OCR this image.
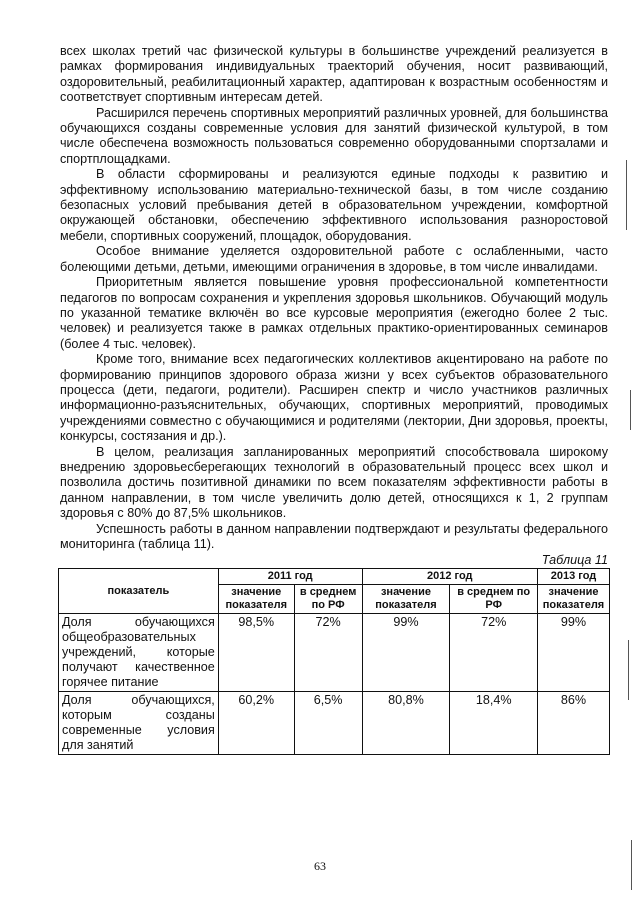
всех школах третий час физической культуры в большинстве учреждений реализуется в рамках формирования индивидуальных траекторий обучения, носит развивающий, оздоровительный, реабилитационный характер, адаптирован к возрастным особенностям и соответствует спортивным интересам детей.

Расширился перечень спортивных мероприятий различных уровней, для большинства обучающихся созданы современные условия для занятий физической культурой, в том числе обеспечена возможность пользоваться современно оборудованными спортзалами и спортплощадками.

В области сформированы и реализуются единые подходы к развитию и эффективному использованию материально-технической базы, в том числе созданию безопасных условий пребывания детей в образовательном учреждении, комфортной окружающей обстановки, обеспечению эффективного использования разноростовой мебели, спортивных сооружений, площадок, оборудования.

Особое внимание уделяется оздоровительной работе с ослабленными, часто болеющими детьми, детьми, имеющими ограничения в здоровье, в том числе инвалидами.

Приоритетным является повышение уровня профессиональной компетентности педагогов по вопросам сохранения и укрепления здоровья школьников. Обучающий модуль по указанной тематике включён во все курсовые мероприятия (ежегодно более 2 тыс. человек) и реализуется также в рамках отдельных практико-ориентированных семинаров (более 4 тыс. человек).

Кроме того, внимание всех педагогических коллективов акцентировано на работе по формированию принципов здорового образа жизни у всех субъектов образовательного процесса (дети, педагоги, родители). Расширен спектр и число участников различных информационно-разъяснительных, обучающих, спортивных мероприятий, проводимых учреждениями совместно с обучающимися и родителями (лектории, Дни здоровья, проекты, конкурсы, состязания и др.).

В целом, реализация запланированных мероприятий способствовала широкому внедрению здоровьесберегающих технологий в образовательный процесс всех школ и позволила достичь позитивной динамики по всем показателям эффективности работы в данном направлении, в том числе увеличить долю детей, относящихся к 1, 2 группам здоровья с 80% до 87,5% школьников.

Успешность работы в данном направлении подтверждают и результаты федерального мониторинга (таблица 11).

Таблица 11
показатель	2011 год		2012 год		2013 год
	значение показателя	в среднем по РФ	значение показателя	в среднем по РФ	значение показателя
Доля обучающихся общеобразовательных учреждений, которые получают качественное горячее питание	98,5%	72%	99%	72%	99%
Доля обучающихся, которым созданы современные условия для занятий	60,2%	6,5%	80,8%	18,4%	86%
63
